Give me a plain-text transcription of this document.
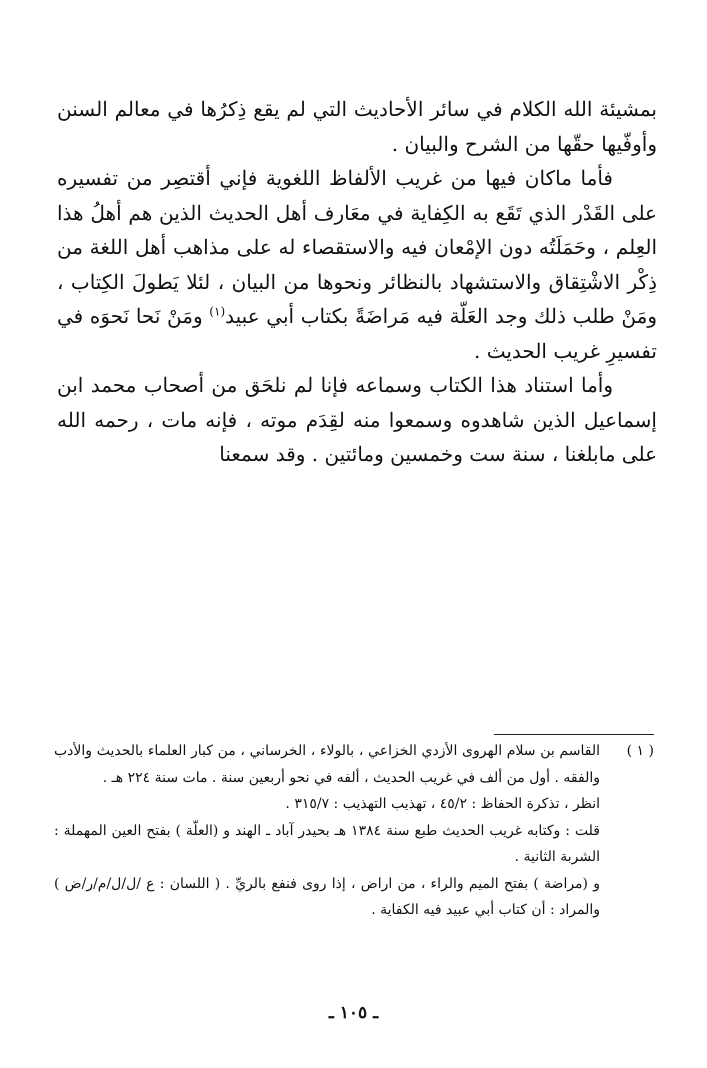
بمشيئة الله الكلام في سائر الأحاديث التي لم يقع ذِكرُها في معالم السنن وأوفّيها حقّها من الشرح والبيان .

فأما ماكان فيها من غريب الألفاظ اللغوية فإني أقتصِر من تفسيره على القَدْر الذي تَقَع به الكِفاية في معَارف أهل الحديث الذين هم أهلُ هذا العِلم ، وحَمَلَتُه دون الإمْعان فيه والاستقصاء له على مذاهب أهل اللغة من ذِكْر الاشْتِقاق والاستشهاد بالنظائر ونحوها من البيان ، لئلا يَطولَ الكِتاب ، ومَنْ طلب ذلك وجد العَلّة فيه مَراضَةً بكتاب أبي عبيد$^{(١)}$ ومَنْ نَحا نَحوَه في تفسيرِ غريب الحديث .

وأما استناد هذا الكتاب وسماعه فإنا لم نلحَق من أصحاب محمد ابن إسماعيل الذين شاهدوه وسمعوا منه لقِدَم موته ، فإنه مات ، رحمه الله على مابلغنا ، سنة ست وخمسين ومائتين . وقد سمعنا

( ١ )
القاسم بن سلام الهروى الأزدي الخزاعي ، بالولاء ، الخرساني ، من كبار العلماء بالحديث والأدب والفقه . أول من ألف في غريب الحديث ، ألفه في نحو أربعين سنة . مات سنة ٢٢٤ هـ .
انظر ، تذكرة الحفاظ : ٤٥/٢ ، تهذيب التهذيب : ٣١٥/٧ .
قلت : وكتابه غريب الحديث طبع سنة ١٣٨٤ هـ بحيدر آباد ـ الهند و (العلّة ) بفتح العين المهملة : الشربة الثانية .
و (مراضة ) بفتح الميم والراء ، من اراض ، إذا روى فنفع بالريِّ . ( اللسان : ع /ل/ل/م/ر/ض ) والمراد : أن كتاب أبي عبيد فيه الكفاية .
ـ ١٠٥ ـ
